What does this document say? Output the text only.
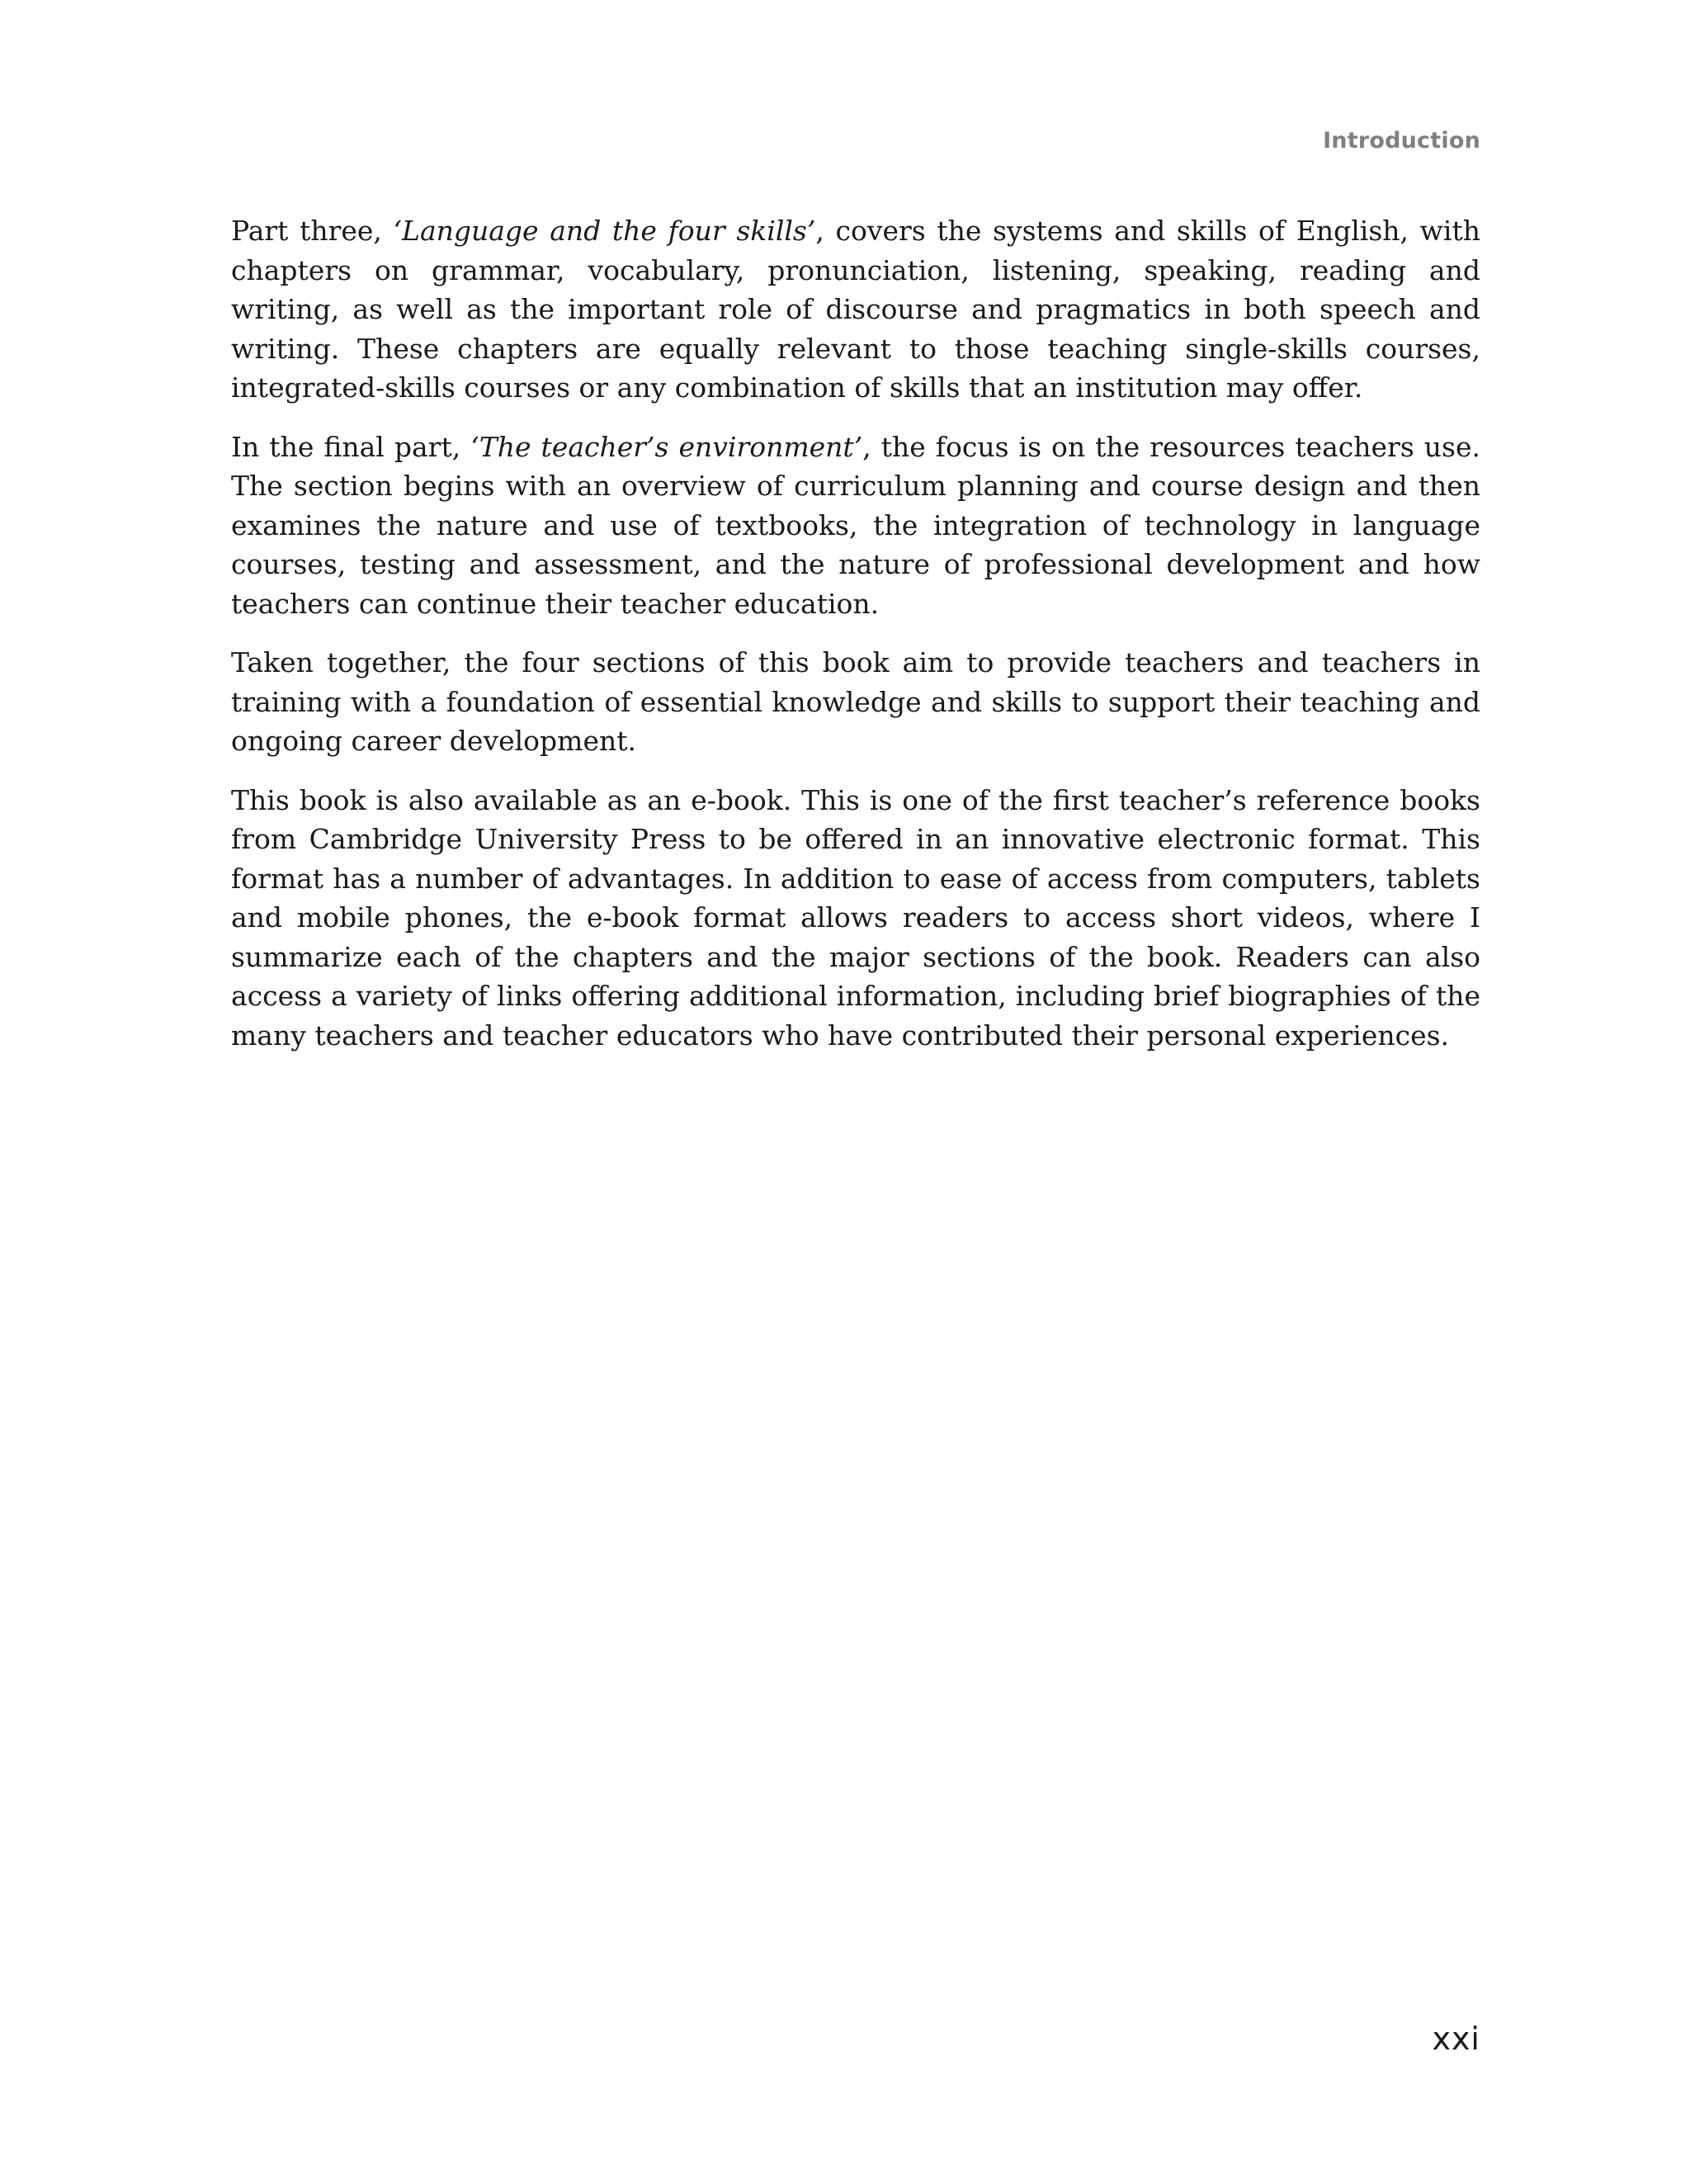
Introduction

Part three, ‘Language and the four skills’, covers the systems and skills of English, with chapters on grammar, vocabulary, pronunciation, listening, speaking, reading and writing, as well as the important role of discourse and pragmatics in both speech and writing. These chapters are equally relevant to those teaching single-skills courses, integrated-skills courses or any combination of skills that an institution may offer.

In the final part, ‘The teacher’s environment’, the focus is on the resources teachers use. The section begins with an overview of curriculum planning and course design and then examines the nature and use of textbooks, the integration of technology in language courses, testing and assessment, and the nature of professional development and how teachers can continue their teacher education.

Taken together, the four sections of this book aim to provide teachers and teachers in training with a foundation of essential knowledge and skills to support their teaching and ongoing career development.

This book is also available as an e-book. This is one of the first teacher’s reference books from Cambridge University Press to be offered in an innovative electronic format. This format has a number of advantages. In addition to ease of access from computers, tablets and mobile phones, the e-book format allows readers to access short videos, where I summarize each of the chapters and the major sections of the book. Readers can also access a variety of links offering additional information, including brief biographies of the many teachers and teacher educators who have contributed their personal experiences.

xxi
